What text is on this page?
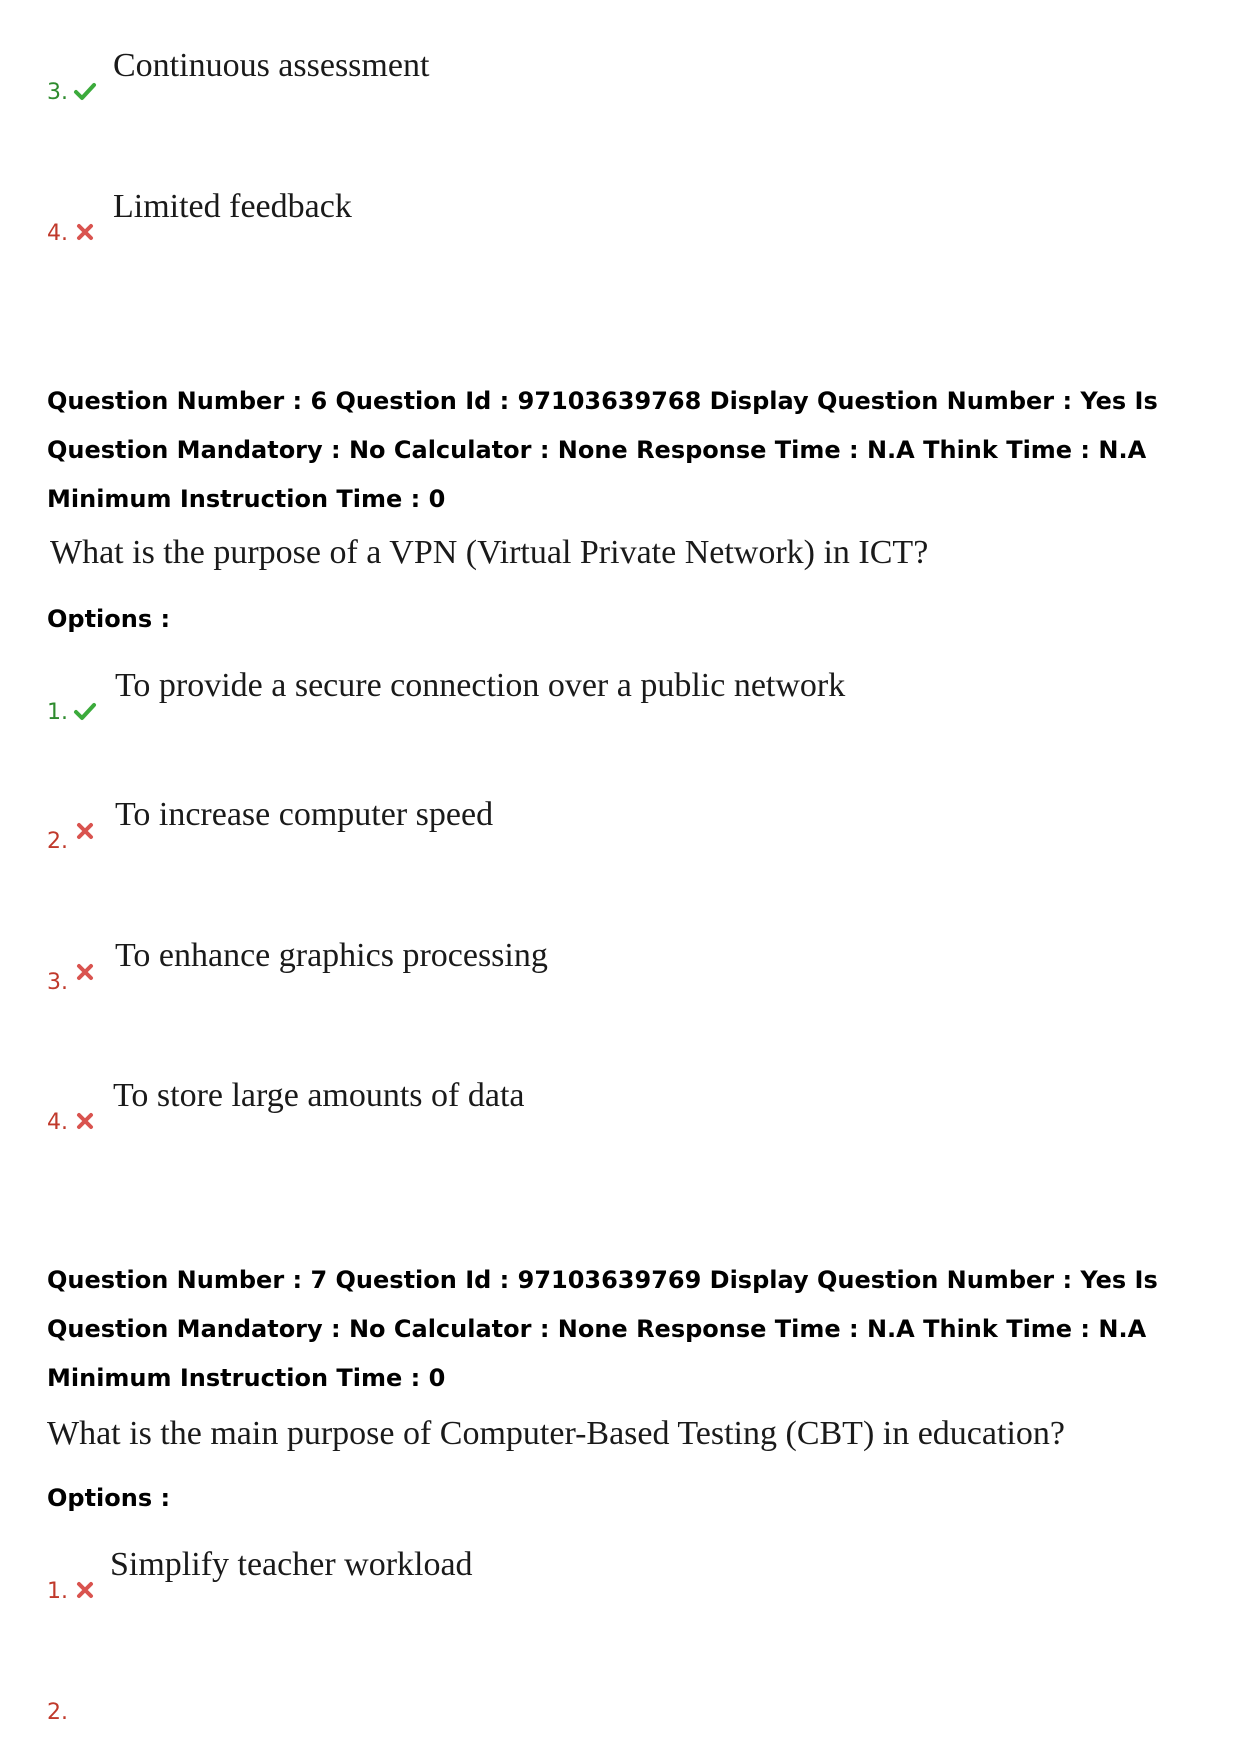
3.
Continuous assessment
4.
Limited feedback
Question Number : 6 Question Id : 97103639768 Display Question Number : Yes Is Question Mandatory : No Calculator : None Response Time : N.A Think Time : N.A Minimum Instruction Time : 0
What is the purpose of a VPN (Virtual Private Network) in ICT?
Options :
1.
To provide a secure connection over a public network
2.
To increase computer speed
3.
To enhance graphics processing
4.
To store large amounts of data
Question Number : 7 Question Id : 97103639769 Display Question Number : Yes Is Question Mandatory : No Calculator : None Response Time : N.A Think Time : N.A Minimum Instruction Time : 0
What is the main purpose of Computer-Based Testing (CBT) in education?
Options :
1.
Simplify teacher workload
2.
